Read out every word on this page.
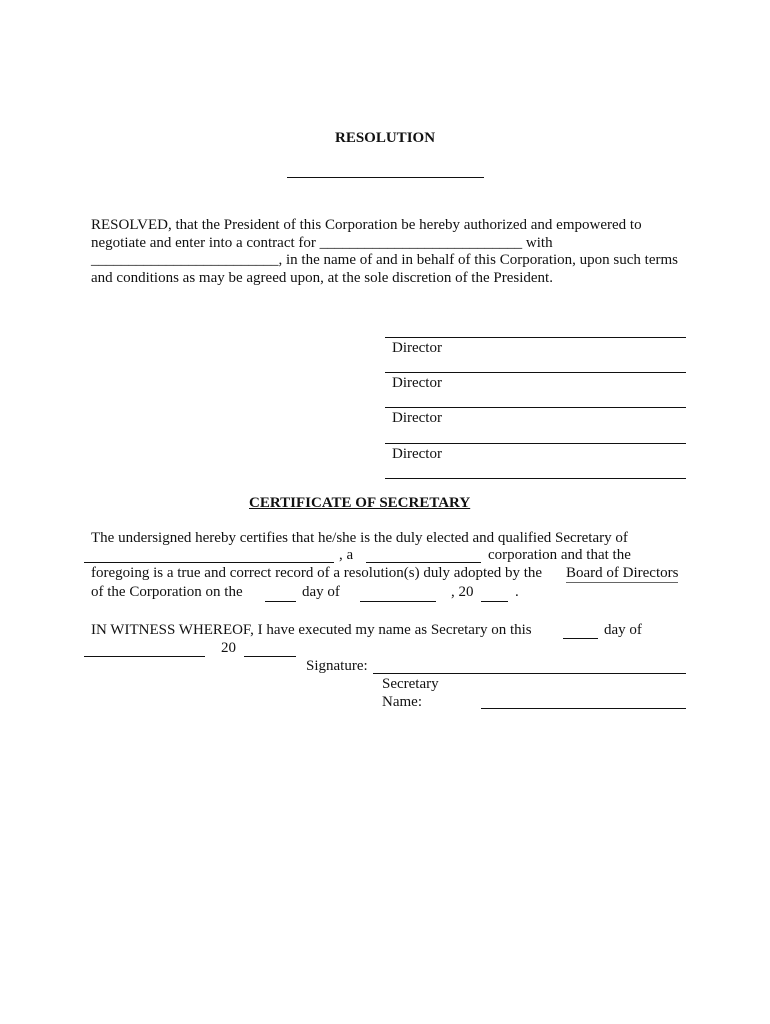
RESOLUTION
RESOLVED, that the President of this Corporation be hereby authorized and empowered to
negotiate and enter into a contract for ___________________________ with
_________________________, in the name of and in behalf of this Corporation, upon such terms
and conditions as may be agreed upon, at the sole discretion of the President.
Director
Director
Director
Director
CERTIFICATE OF SECRETARY
The undersigned hereby certifies that he/she is the duly elected and qualified Secretary of
, a	corporation and that the
foregoing is a true and correct record of a resolution(s) duly adopted by the Board of Directors
of the Corporation on the	day of	, 20	.
IN WITNESS WHEREOF, I have executed my name as Secretary on this	day of
20
Signature:
Secretary
Name:
